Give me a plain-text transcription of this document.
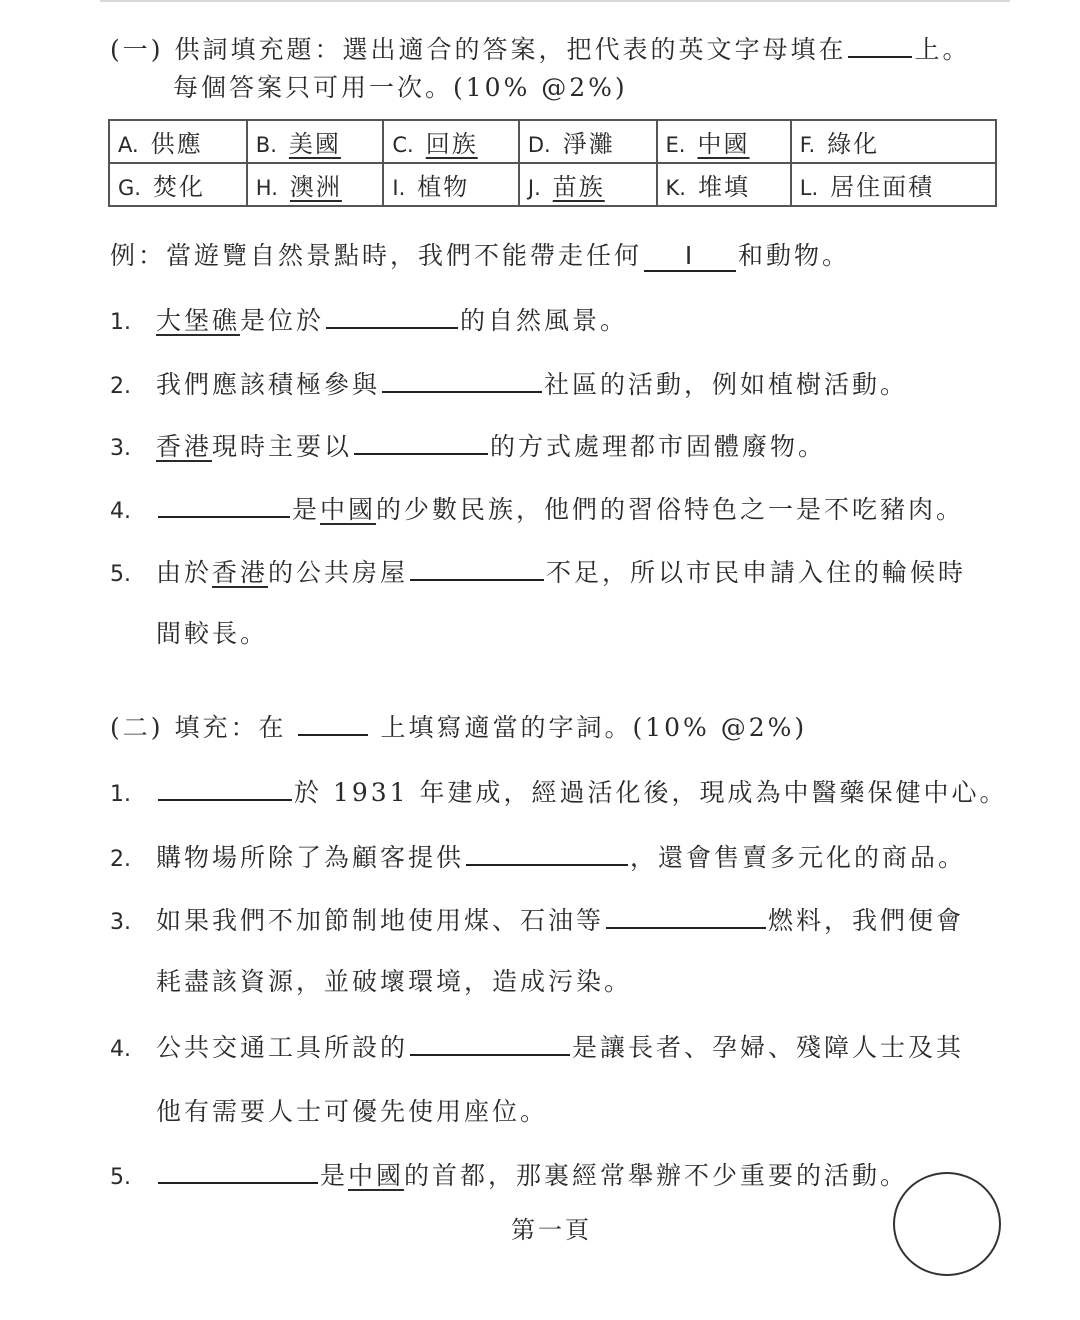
(一) 供詞填充題：選出適合的答案，把代表的英文字母填在	上。
每個答案只可用一次。(10% @2%)
A. 供應	B. 美國	C. 回族	D. 淨灘	E. 中國	F. 綠化
G. 焚化	H. 澳洲	I. 植物	J. 苗族	K. 堆填	L. 居住面積
例：當遊覽自然景點時，我們不能帶走任何 I 和動物。
1. 大堡礁是位於	的自然風景。
2. 我們應該積極參與	社區的活動，例如植樹活動。
3. 香港現時主要以	的方式處理都市固體廢物。
4.	是中國的少數民族，他們的習俗特色之一是不吃豬肉。
5. 由於香港的公共房屋	不足，所以市民申請入住的輪候時
間較長。
(二) 填充：在	上填寫適當的字詞。(10% @2%)
1.	於 1931 年建成，經過活化後，現成為中醫藥保健中心。
2. 購物場所除了為顧客提供	，還會售賣多元化的商品。
3. 如果我們不加節制地使用煤、石油等	燃料，我們便會
耗盡該資源，並破壞環境，造成污染。
4. 公共交通工具所設的	是讓長者、孕婦、殘障人士及其
他有需要人士可優先使用座位。
5.	是中國的首都，那裏經常舉辦不少重要的活動。
第一頁
